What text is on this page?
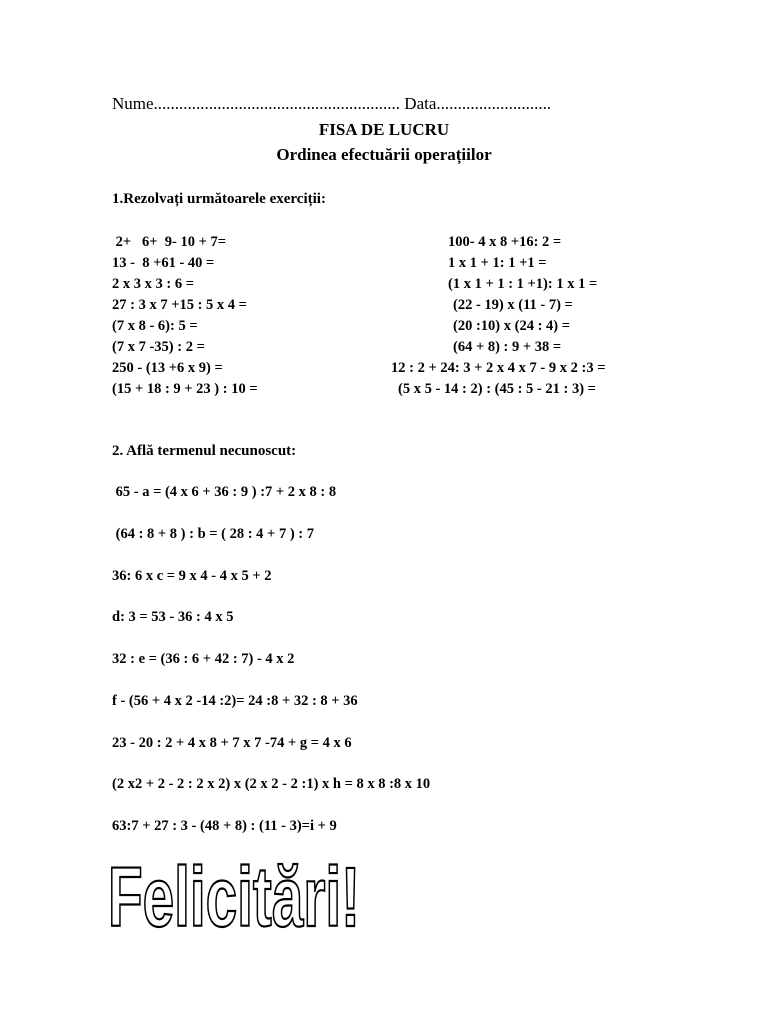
Nume.......................................................... Data...........................
FISA DE LUCRU
Ordinea efectuării operațiilor
1.Rezolvați următoarele exerciții:
2+   6+  9- 10 + 7=
13 -  8 +61 - 40 =
2 x 3 x 3 : 6 =
27 : 3 x 7 +15 : 5 x 4 =
(7 x 8 - 6): 5 =
(7 x 7 -35) : 2 =
250 - (13 +6 x 9) =
(15 + 18 : 9 + 23 ) : 10 =
100- 4 x 8 +16: 2 =
1 x 1 + 1: 1 +1 =
(1 x 1 + 1 : 1 +1): 1 x 1 =
(22 - 19) x (11 - 7) =
(20 :10) x (24 : 4) =
(64 + 8) : 9 + 38 =
12 : 2 + 24: 3 + 2 x 4 x 7 - 9 x 2 :3 =
(5 x 5 - 14 : 2) : (45 : 5 - 21 : 3) =
2. Află termenul necunoscut:
65 - a = (4 x 6 + 36 : 9 ) :7 + 2 x 8 : 8
(64 : 8 + 8 ) : b = ( 28 : 4 + 7 ) : 7
36: 6 x c = 9 x 4 - 4 x 5 + 2
d: 3 = 53 - 36 : 4 x 5
32 : e = (36 : 6 + 42 : 7) - 4 x 2
f - (56 + 4 x 2 -14 :2)= 24 :8 + 32 : 8 + 36
23 - 20 : 2 + 4 x 8 + 7 x 7 -74 + g = 4 x 6
(2 x2 + 2 - 2 : 2 x 2) x (2 x 2 - 2 :1) x h = 8 x 8 :8 x 10
63:7 + 27 : 3 - (48 + 8) : (11 - 3)=i + 9
Felicitări!
